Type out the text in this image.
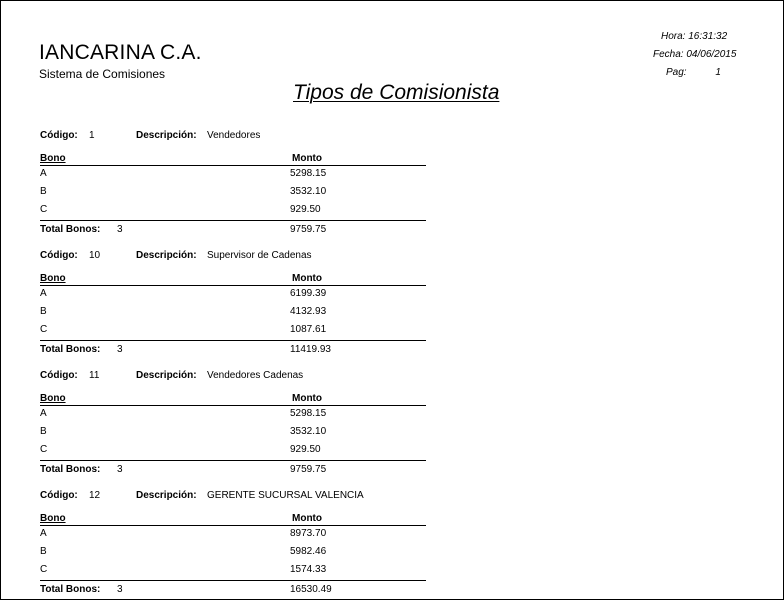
IANCARINA C.A.
Sistema de Comisiones
Tipos de Comisionista
Hora: 16:31:32
Fecha: 04/06/2015
Pag:	1
Código: 1	Descripción: Vendedores
Bono	Monto
A	5298.15
B	3532.10
C	929.50
Total Bonos: 3	9759.75
Código: 10	Descripción: Supervisor de Cadenas
Bono	Monto
A	6199.39
B	4132.93
C	1087.61
Total Bonos: 3	11419.93
Código: 11	Descripción: Vendedores Cadenas
Bono	Monto
A	5298.15
B	3532.10
C	929.50
Total Bonos: 3	9759.75
Código: 12	Descripción: GERENTE SUCURSAL VALENCIA
Bono	Monto
A	8973.70
B	5982.46
C	1574.33
Total Bonos: 3	16530.49
